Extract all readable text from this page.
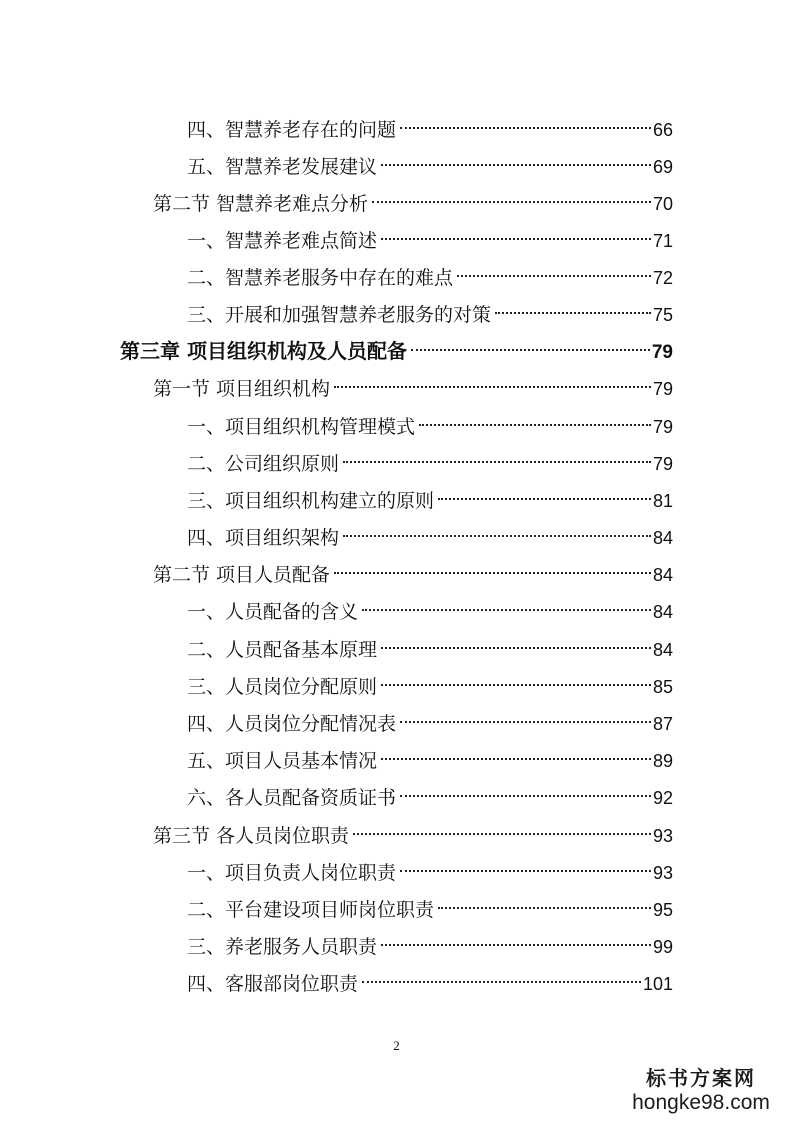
四、智慧养老存在的问题	66
五、智慧养老发展建议	69
第二节 智慧养老难点分析	70
一、智慧养老难点简述	71
二、智慧养老服务中存在的难点	72
三、开展和加强智慧养老服务的对策	75
第三章 项目组织机构及人员配备	79
第一节 项目组织机构	79
一、项目组织机构管理模式	79
二、公司组织原则	79
三、项目组织机构建立的原则	81
四、项目组织架构	84
第二节 项目人员配备	84
一、人员配备的含义	84
二、人员配备基本原理	84
三、人员岗位分配原则	85
四、人员岗位分配情况表	87
五、项目人员基本情况	89
六、各人员配备资质证书	92
第三节 各人员岗位职责	93
一、项目负责人岗位职责	93
二、平台建设项目师岗位职责	95
三、养老服务人员职责	99
四、客服部岗位职责	101
2
标书方案网
hongke98.com
